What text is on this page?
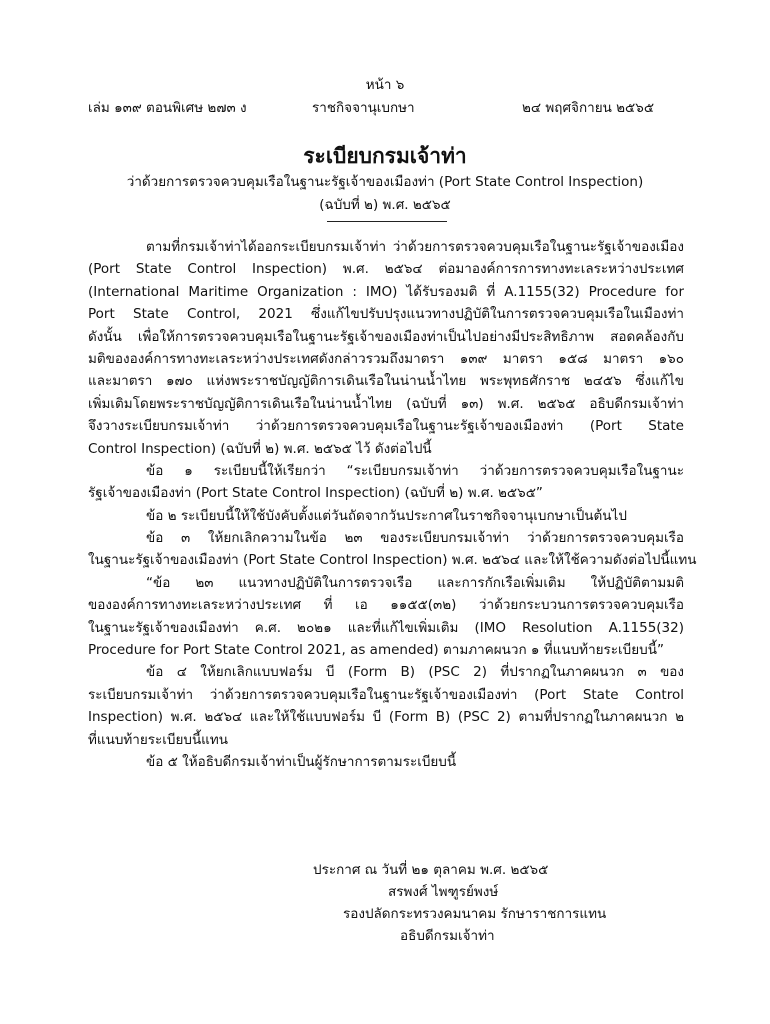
หน้า ๖
เล่ม ๑๓๙ ตอนพิเศษ ๒๗๓ ง	ราชกิจจานุเบกษา	๒๔ พฤศจิกายน ๒๕๖๕
ระเบียบกรมเจ้าท่า
ว่าด้วยการตรวจควบคุมเรือในฐานะรัฐเจ้าของเมืองท่า (Port State Control Inspection)
(ฉบับที่ ๒) พ.ศ. ๒๕๖๕
ตามที่กรมเจ้าท่าได้ออกระเบียบกรมเจ้าท่า ว่าด้วยการตรวจควบคุมเรือในฐานะรัฐเจ้าของเมือง
(Port State Control Inspection) พ.ศ. ๒๕๖๔ ต่อมาองค์การการทางทะเลระหว่างประเทศ
(International Maritime Organization : IMO) ได้รับรองมติ ที่ A.1155(32) Procedure for
Port State Control, 2021 ซึ่งแก้ไขปรับปรุงแนวทางปฏิบัติในการตรวจควบคุมเรือในเมืองท่า
ดังนั้น เพื่อให้การตรวจควบคุมเรือในฐานะรัฐเจ้าของเมืองท่าเป็นไปอย่างมีประสิทธิภาพ สอดคล้องกับ
มติขององค์การทางทะเลระหว่างประเทศดังกล่าวรวมถึงมาตรา ๑๓๙ มาตรา ๑๕๘ มาตรา ๑๖๐
และมาตรา ๑๗๐ แห่งพระราชบัญญัติการเดินเรือในน่านน้ำไทย พระพุทธศักราช ๒๔๕๖ ซึ่งแก้ไข
เพิ่มเติมโดยพระราชบัญญัติการเดินเรือในน่านน้ำไทย (ฉบับที่ ๑๓) พ.ศ. ๒๕๖๕ อธิบดีกรมเจ้าท่า
จึงวางระเบียบกรมเจ้าท่า ว่าด้วยการตรวจควบคุมเรือในฐานะรัฐเจ้าของเมืองท่า (Port State
Control Inspection) (ฉบับที่ ๒) พ.ศ. ๒๕๖๕ ไว้ ดังต่อไปนี้
ข้อ ๑ ระเบียบนี้ให้เรียกว่า “ระเบียบกรมเจ้าท่า ว่าด้วยการตรวจควบคุมเรือในฐานะ
รัฐเจ้าของเมืองท่า (Port State Control Inspection) (ฉบับที่ ๒) พ.ศ. ๒๕๖๕”
ข้อ ๒ ระเบียบนี้ให้ใช้บังคับตั้งแต่วันถัดจากวันประกาศในราชกิจจานุเบกษาเป็นต้นไป
ข้อ ๓ ให้ยกเลิกความในข้อ ๒๓ ของระเบียบกรมเจ้าท่า ว่าด้วยการตรวจควบคุมเรือ
ในฐานะรัฐเจ้าของเมืองท่า (Port State Control Inspection) พ.ศ. ๒๕๖๔ และให้ใช้ความดังต่อไปนี้แทน
“ข้อ ๒๓ แนวทางปฏิบัติในการตรวจเรือ และการกักเรือเพิ่มเติม ให้ปฏิบัติตามมติ
ขององค์การทางทะเลระหว่างประเทศ ที่ เอ ๑๑๕๕(๓๒) ว่าด้วยกระบวนการตรวจควบคุมเรือ
ในฐานะรัฐเจ้าของเมืองท่า ค.ศ. ๒๐๒๑ และที่แก้ไขเพิ่มเติม (IMO Resolution A.1155(32)
Procedure for Port State Control 2021, as amended) ตามภาคผนวก ๑ ที่แนบท้ายระเบียบนี้”
ข้อ ๔ ให้ยกเลิกแบบฟอร์ม บี (Form B) (PSC 2) ที่ปรากฏในภาคผนวก ๓ ของ
ระเบียบกรมเจ้าท่า ว่าด้วยการตรวจควบคุมเรือในฐานะรัฐเจ้าของเมืองท่า (Port State Control
Inspection) พ.ศ. ๒๕๖๔ และให้ใช้แบบฟอร์ม บี (Form B) (PSC 2) ตามที่ปรากฏในภาคผนวก ๒
ที่แนบท้ายระเบียบนี้แทน
ข้อ ๕ ให้อธิบดีกรมเจ้าท่าเป็นผู้รักษาการตามระเบียบนี้
ประกาศ ณ วันที่ ๒๑ ตุลาคม พ.ศ. ๒๕๖๕
สรพงศ์ ไพฑูรย์พงษ์
รองปลัดกระทรวงคมนาคม รักษาราชการแทน
อธิบดีกรมเจ้าท่า
